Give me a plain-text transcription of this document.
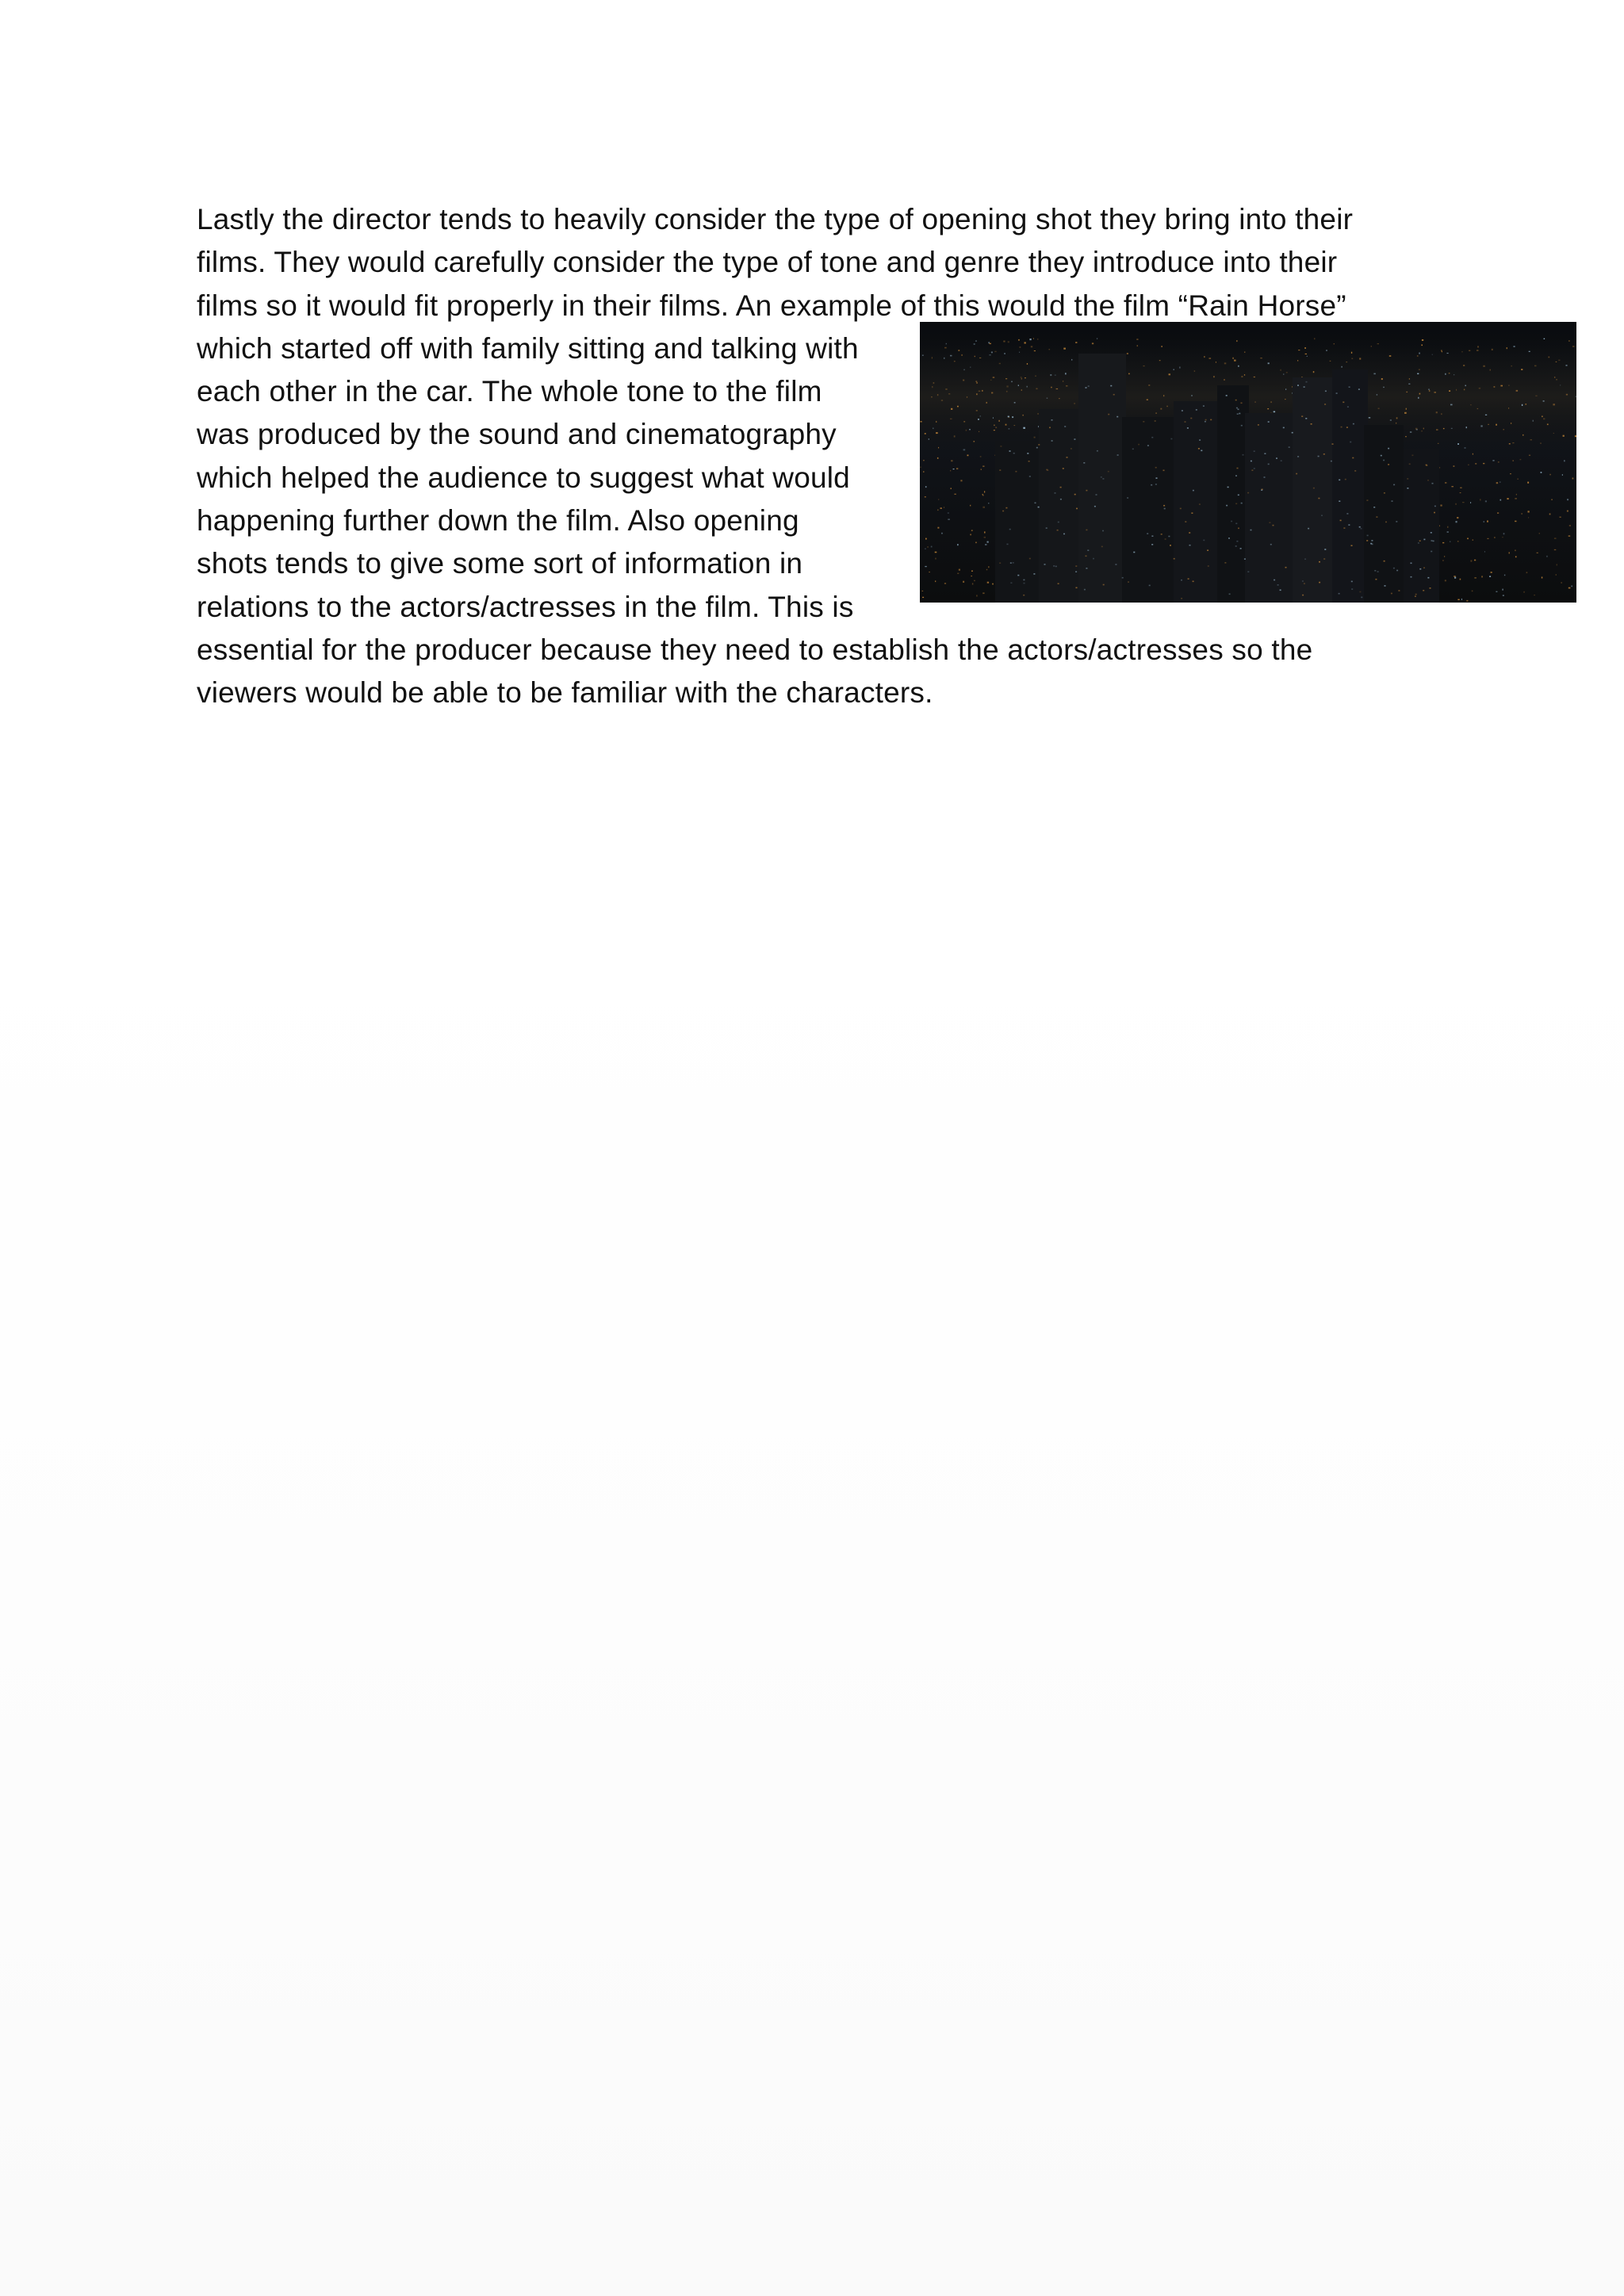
Lastly the director tends to heavily consider the type of opening shot they bring into their
films. They would carefully consider the type of tone and genre they introduce into their
films so it would fit properly in their films. An example of this would the film “Rain Horse”
which started off with family sitting and talking with
each other in the car. The whole tone to the film
was produced by the sound and cinematography
which helped the audience to suggest what would
happening further down the film. Also opening
shots tends to give some sort of information in
relations to the actors/actresses in the film. This is
essential for the producer because they need to establish the actors/actresses so the
viewers would be able to be familiar with the characters.
